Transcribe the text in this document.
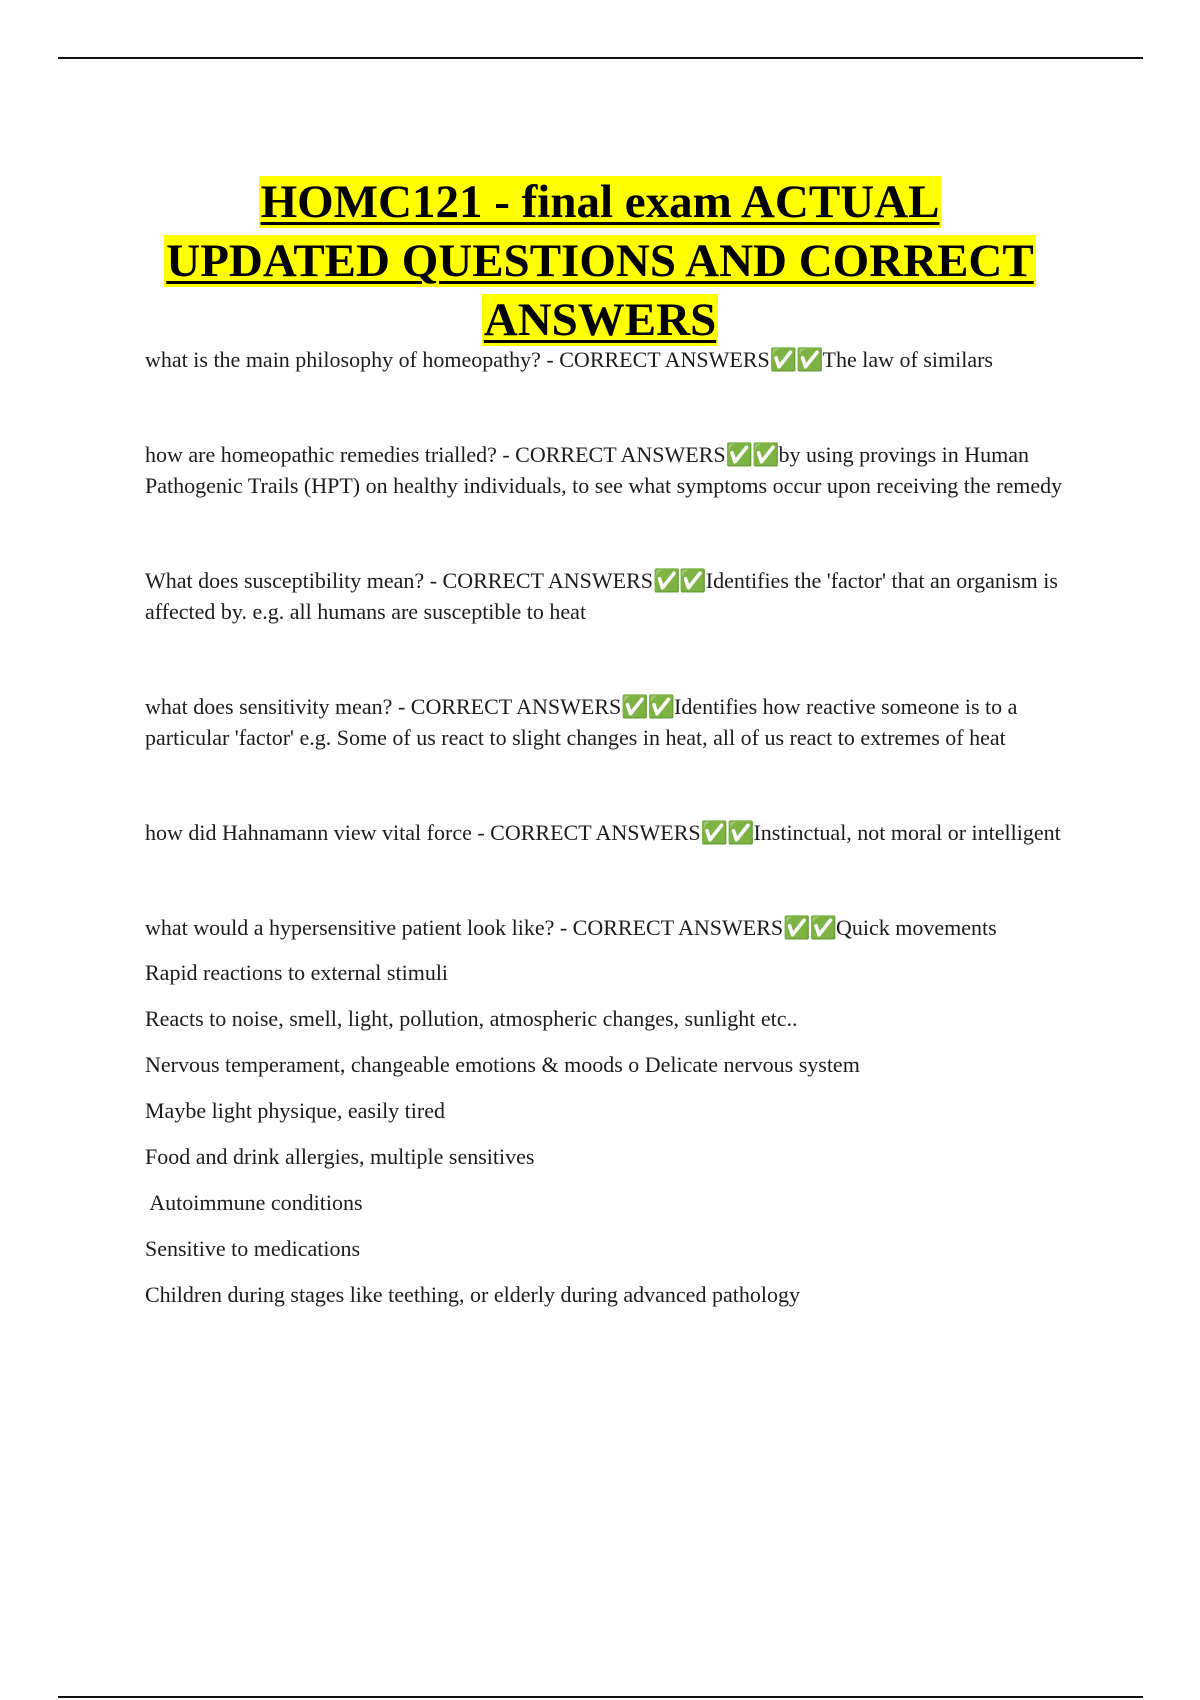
HOMC121 - final exam ACTUAL
UPDATED QUESTIONS AND CORRECT
ANSWERS

what is the main philosophy of homeopathy? - CORRECT ANSWERS✅✅The law of similars

how are homeopathic remedies trialled? - CORRECT ANSWERS✅✅by using provings in Human Pathogenic Trails (HPT) on healthy individuals, to see what symptoms occur upon receiving the remedy

What does susceptibility mean? - CORRECT ANSWERS✅✅Identifies the 'factor' that an organism is affected by. e.g. all humans are susceptible to heat

what does sensitivity mean? - CORRECT ANSWERS✅✅Identifies how reactive someone is to a particular 'factor' e.g. Some of us react to slight changes in heat, all of us react to extremes of heat

how did Hahnamann view vital force - CORRECT ANSWERS✅✅Instinctual, not moral or intelligent

what would a hypersensitive patient look like? - CORRECT ANSWERS✅✅Quick movements

Rapid reactions to external stimuli

Reacts to noise, smell, light, pollution, atmospheric changes, sunlight etc..

Nervous temperament, changeable emotions & moods o Delicate nervous system

Maybe light physique, easily tired

Food and drink allergies, multiple sensitives

Autoimmune conditions

Sensitive to medications

Children during stages like teething, or elderly during advanced pathology
